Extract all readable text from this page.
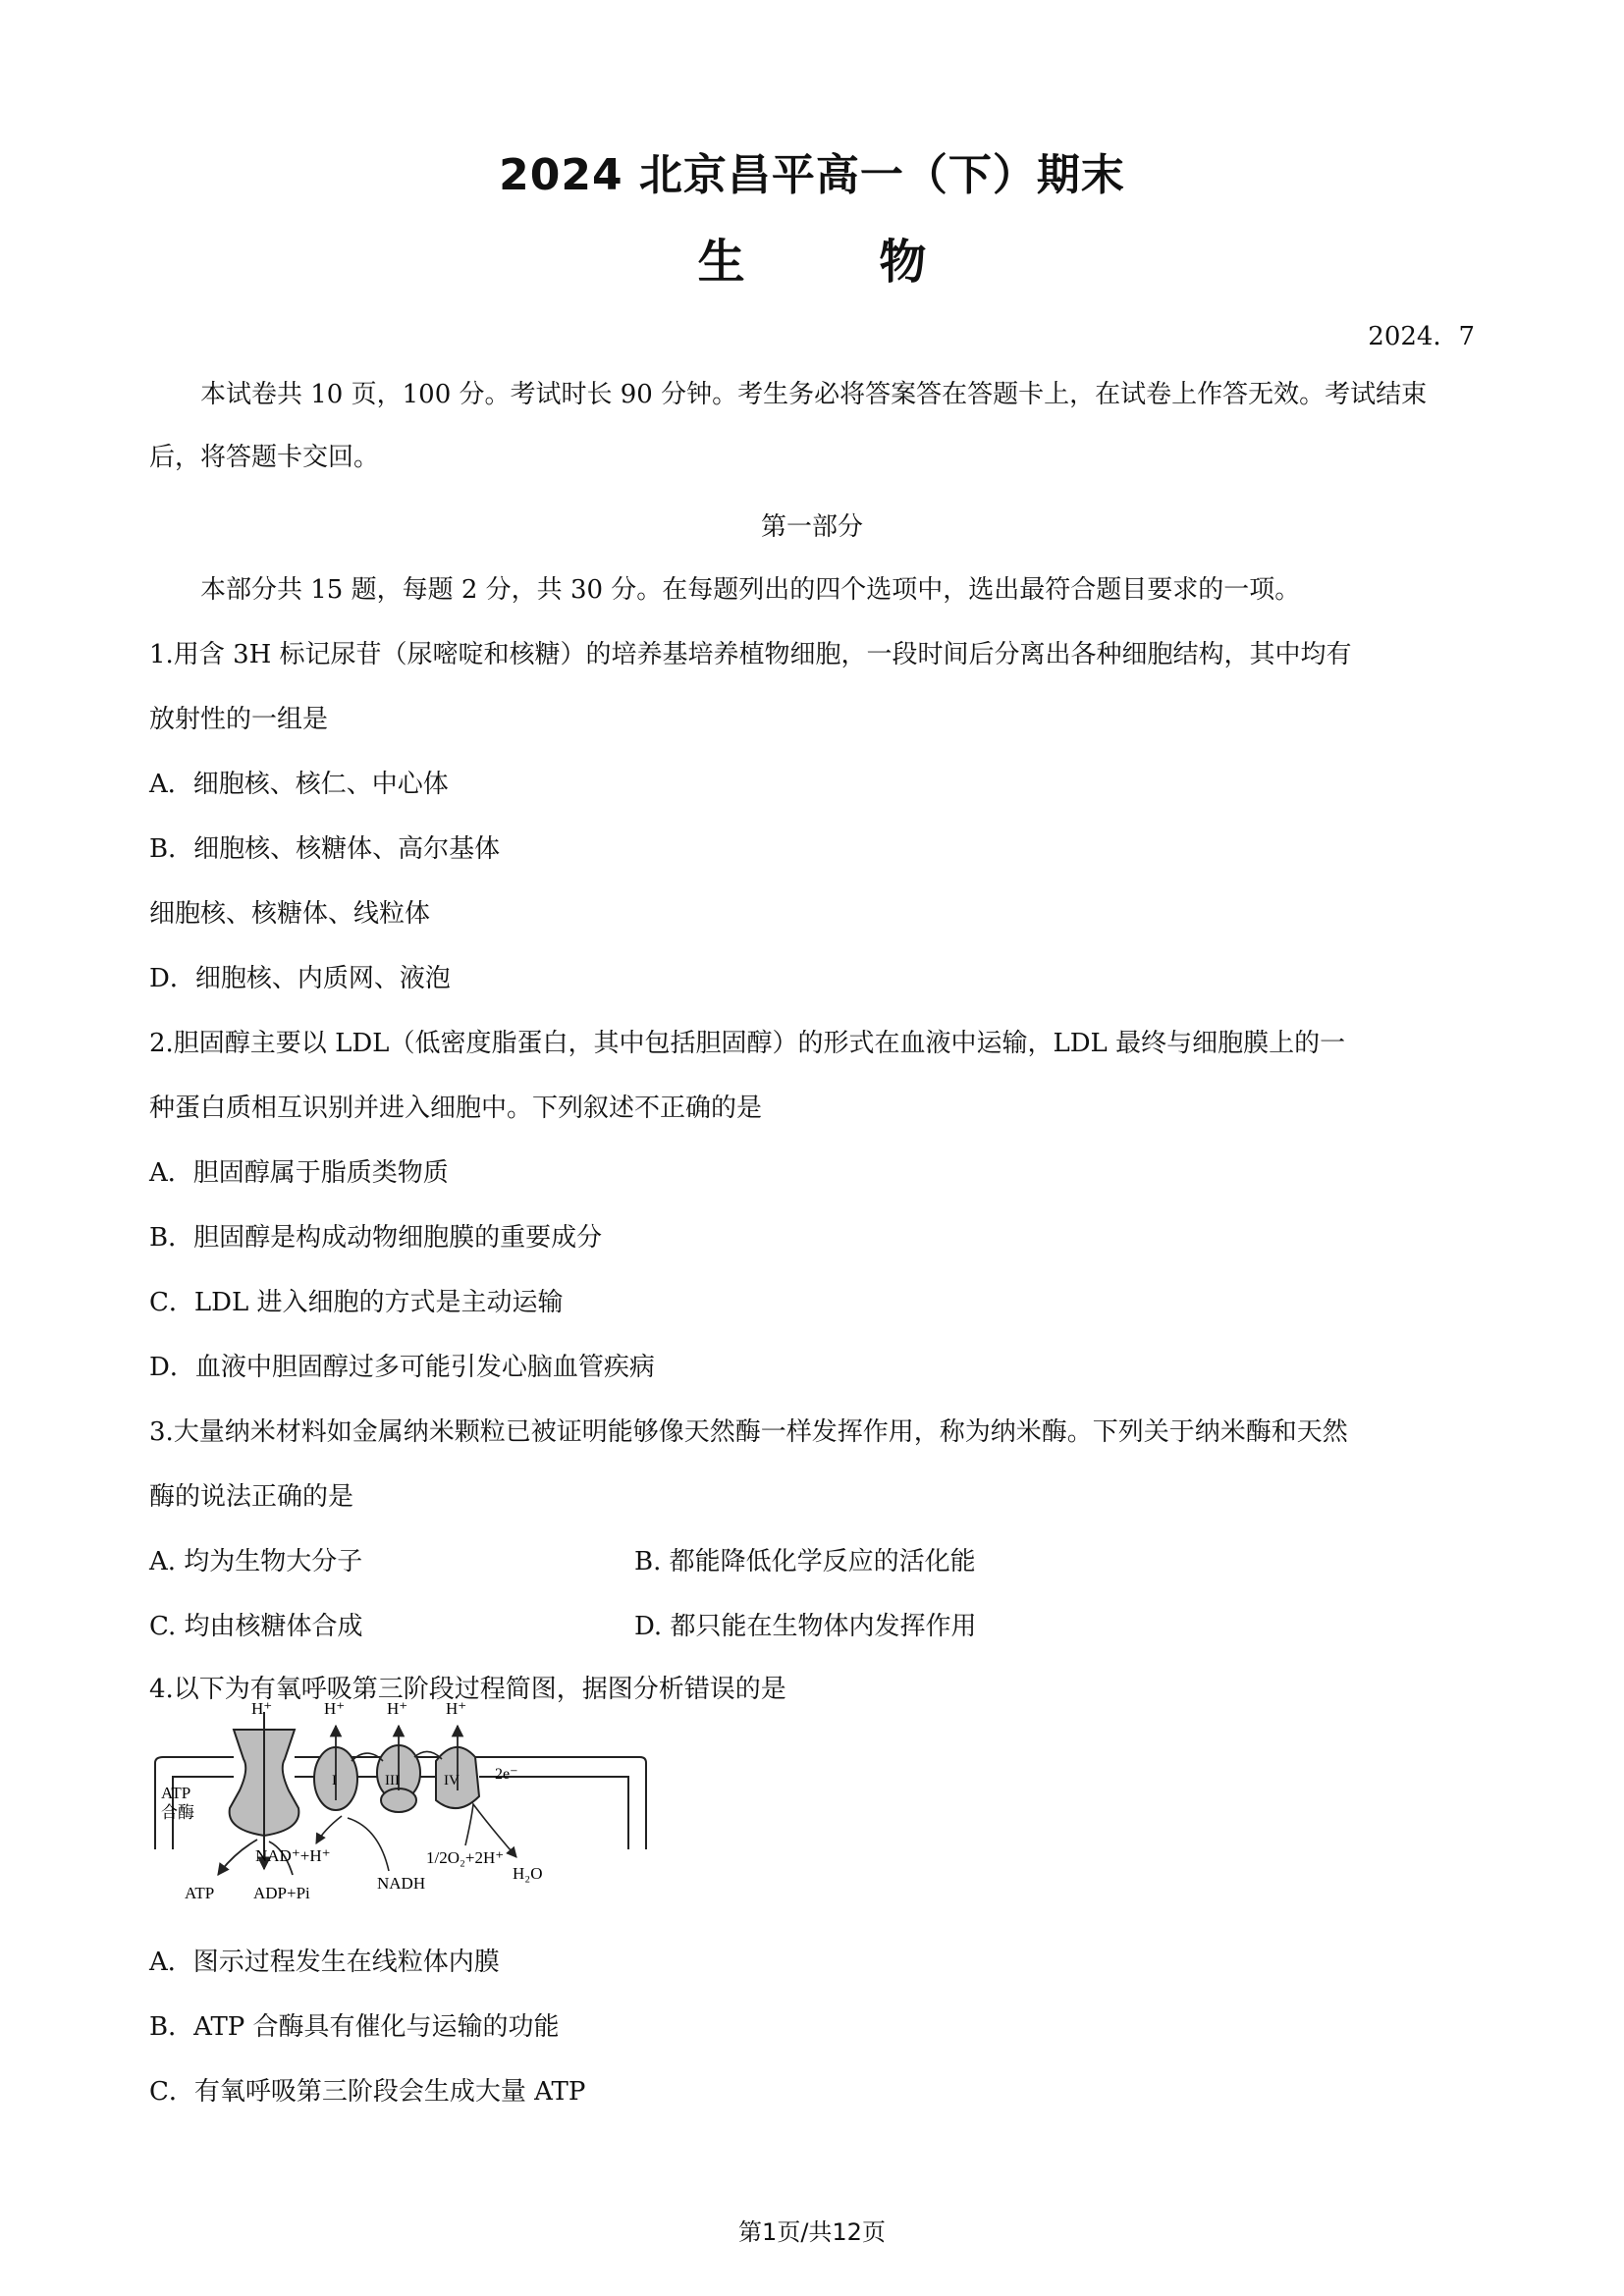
2024 北京昌平高一（下）期末
生 物
2024．7
本试卷共 10 页，100 分。考试时长 90 分钟。考生务必将答案答在答题卡上，在试卷上作答无效。考试结束后，将答题卡交回。
第一部分
本部分共 15 题，每题 2 分，共 30 分。在每题列出的四个选项中，选出最符合题目要求的一项。
1.用含 3H 标记尿苷（尿嘧啶和核糖）的培养基培养植物细胞，一段时间后分离出各种细胞结构，其中均有
放射性的一组是
A．细胞核、核仁、中心体
B．细胞核、核糖体、高尔基体
细胞核、核糖体、线粒体
D．细胞核、内质网、液泡
2.胆固醇主要以 LDL（低密度脂蛋白，其中包括胆固醇）的形式在血液中运输，LDL 最终与细胞膜上的一
种蛋白质相互识别并进入细胞中。下列叙述不正确的是
A．胆固醇属于脂质类物质
B．胆固醇是构成动物细胞膜的重要成分
C．LDL 进入细胞的方式是主动运输
D．血液中胆固醇过多可能引发心脑血管疾病
3.大量纳米材料如金属纳米颗粒已被证明能够像天然酶一样发挥作用，称为纳米酶。下列关于纳米酶和天然
酶的说法正确的是
A. 均为生物大分子	B. 都能降低化学反应的活化能
C. 均由核糖体合成	D. 都只能在生物体内发挥作用
4.以下为有氧呼吸第三阶段过程简图，据图分析错误的是
H⁺
ATP
合酶
ATP ADP+Pi
H⁺
I
H⁺
III
H⁺
IV 2e⁻
NAD⁺+H⁺
NADH
1/2O₂+2H⁺
H₂O
A．图示过程发生在线粒体内膜
B．ATP 合酶具有催化与运输的功能
C．有氧呼吸第三阶段会生成大量 ATP
第1页/共12页
